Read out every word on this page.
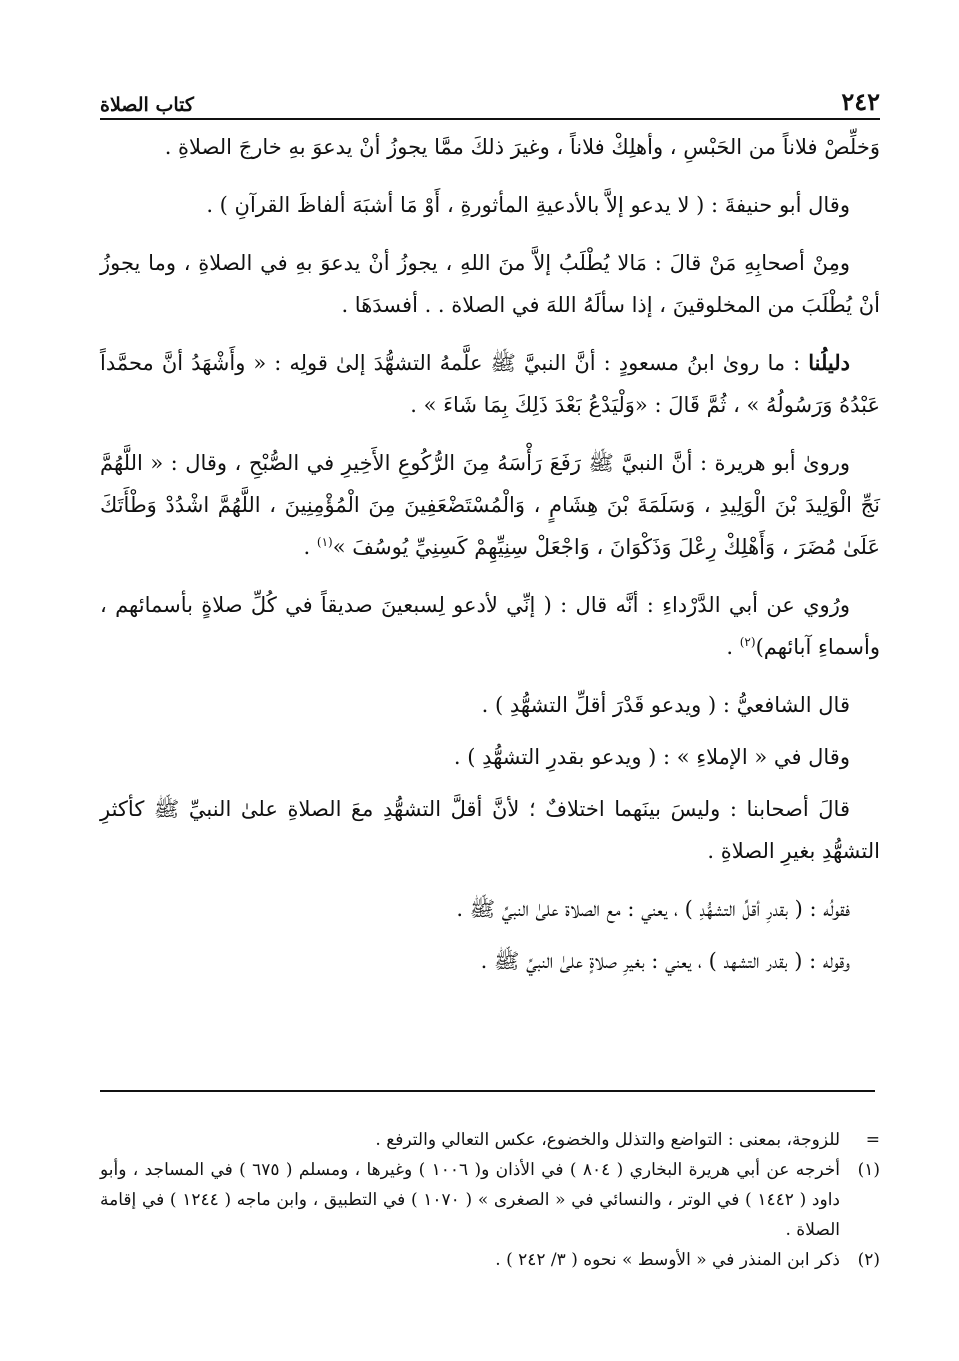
٢٤٢
كتاب الصلاة

وَخلِّصْ فلاناً من الحَبْسِ ، وأهلِكْ فلاناً ، وغيرَ ذلكَ ممَّا يجوزُ أنْ يدعوَ بهِ خارجَ الصلاةِ .

وقال أبو حنيفةَ : ( لا يدعو إلاَّ بالأدعيةِ المأثورةِ ، أَوْ مَا أشبَهَ ألفاظَ القرآنِ ) .

ومِنْ أصحابِهِ مَنْ قالَ : مَالا يُطْلَبُ إلاَّ منَ اللهِ ، يجوزُ أنْ يدعوَ بهِ في الصلاةِ ، وما يجوزُ أنْ يُطْلَبَ من المخلوقينَ ، إذا سألَهُ اللهَ في الصلاة . . أفسدَهَا .

دليلُنا : ما روىٰ ابنُ مسعودٍ : أنَّ النبيَّ ﷺ علَّمهُ التشهُّدَ إلىٰ قولِه : « وأَشْهَدُ أنَّ محمَّداً عَبْدُهُ وَرَسُولُهُ » ، ثُمَّ قَالَ : «وَلْيَدْعُ بَعْدَ ذَلِكَ بِمَا شَاءَ » .

وروىٰ أبو هريرة : أنَّ النبيَّ ﷺ رَفَعَ رَأْسَهُ مِنَ الرُّكُوعِ الأَخِيرِ في الصُّبْحِ ، وقال : « اللَّهُمَّ نَجِّ الْوَلِيدَ بْنَ الْوَلِيدِ ، وَسَلَمَةَ بْنَ هِشَامٍ ، وَالْمُسْتَضْعَفِينَ مِنَ الْمُؤْمِنِينَ ، اللَّهُمَّ اشْدُدْ وَطْأَتَكَ عَلَىٰ مُضَرَ ، وَأَهْلِكْ رِعْلَ وَذَكْوَانَ ، وَاجْعَلْ سِنِيِّهِمْ كَسِنِيِّ يُوسُفَ »$^{(١)}$ .

ورُوي عن أبي الدَّرْداءِ : أنَّه قال : ( إنِّي لأدعو لِسبعينَ صديقاً في كُلِّ صلاةٍ بأسمائهم ، وأسماءِ آبائهم)$^{(٢)}$ .

قال الشافعيُّ : ( ويدعو قَدْرَ أقلِّ التشهُّدِ ) .

وقال في « الإملاءِ » : ( ويدعو بقدرِ التشهُّدِ ) .

قالَ أصحابنا : وليسَ بينَهما اختلافٌ ؛ لأنَّ أقلَّ التشهُّدِ معَ الصلاةِ علىٰ النبيِّ ﷺ كأكثرِ التشهُّدِ بغيرِ الصلاةِ .

فقولُه : ( بقدرِ أقلِّ التشهُّدِ ) ، يعني : مع الصلاة علىٰ النبيِّ ﷺ .

وقوله : ( بقدر التشهد ) ، يعني : بغيرِ صلاةٍ علىٰ النبيِّ ﷺ .

=
للزوجة، بمعنى : التواضع والتذلل والخضوع، عكس التعالي والترفع .
(١)
أخرجه عن أبي هريرة البخاري ( ٨٠٤ ) في الأذان و( ١٠٠٦ ) وغيرها ، ومسلم ( ٦٧٥ ) في المساجد ، وأبو داود ( ١٤٤٢ ) في الوتر ، والنسائي في « الصغرى » ( ١٠٧٠ ) في التطبيق ، وابن ماجه ( ١٢٤٤ ) في إقامة الصلاة .
(٢)
ذكر ابن المنذر في « الأوسط » نحوه ( ٣/ ٢٤٢ ) .
